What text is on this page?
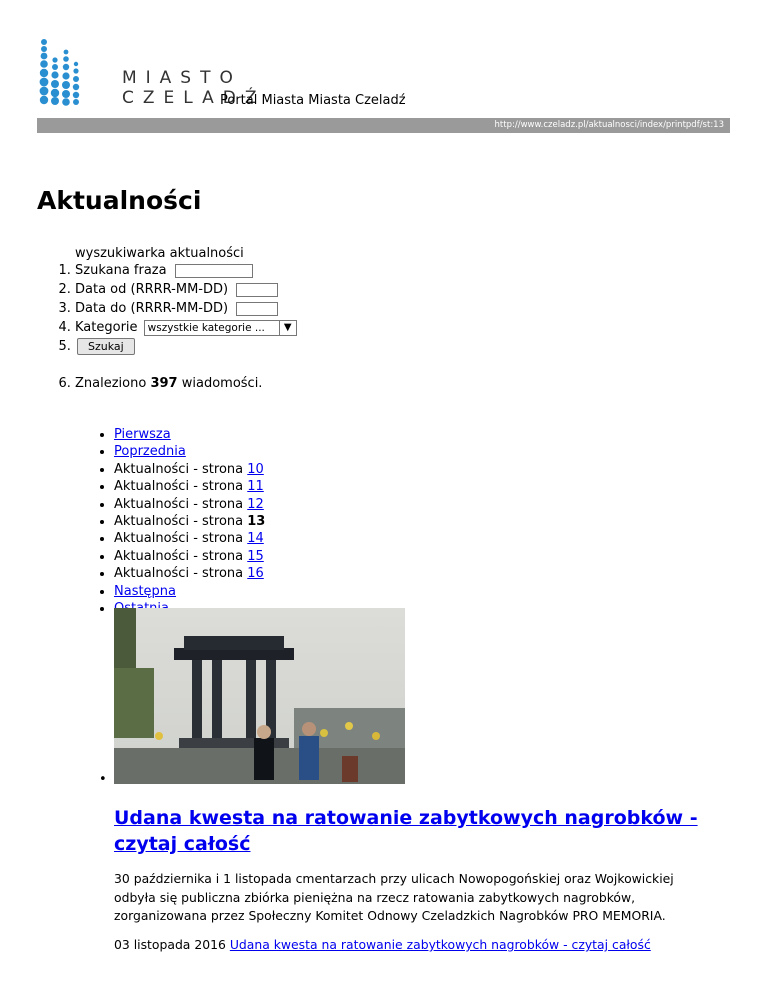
MIASTO
CZELADŹ
Portal Miasta Miasta Czeladź
http://www.czeladz.pl/aktualnosci/index/printpdf/st:13
Aktualności
wyszukiwarka aktualności
1. Szukana fraza
2. Data od (RRRR-MM-DD)
3. Data do (RRRR-MM-DD)
4. Kategorie wszystkie kategorie ...	▼
5. Szukaj
6. Znaleziono 397 wiadomości.
• Pierwsza
• Poprzednia
• Aktualności - strona 10
• Aktualności - strona 11
• Aktualności - strona 12
• Aktualności - strona 13
• Aktualności - strona 14
• Aktualności - strona 15
• Aktualności - strona 16
• Następna
•
•
Udana kwesta na ratowanie zabytkowych nagrobków - czytaj całość

30 października i 1 listopada cmentarzach przy ulicach Nowopogońskiej oraz Wojkowickiej odbyła się publiczna zbiórka pieniężna na rzecz ratowania zabytkowych nagrobków, zorganizowana przez Społeczny Komitet Odnowy Czeladzkich Nagrobków PRO MEMORIA.

03 listopada 2016 Udana kwesta na ratowanie zabytkowych nagrobków - czytaj całość
